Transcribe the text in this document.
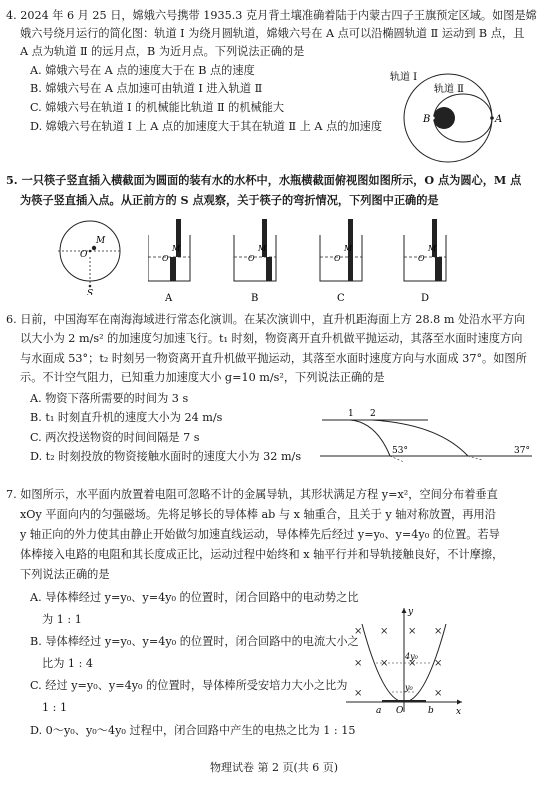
4. 2024 年 6 月 25 日，嫦娥六号携带 1935.3 克月背土壤准确着陆于内蒙古四子王旗预定区域。如图是嫦
娥六号绕月运行的简化图：轨道 Ⅰ 为绕月圆轨道，嫦娥六号在 A 点可以沿椭圆轨道 Ⅱ 运动到 B 点，且
A 点为轨道 Ⅱ 的远月点，B 为近月点。下列说法正确的是
A. 嫦娥六号在 A 点的速度大于在 B 点的速度
B. 嫦娥六号在 A 点加速可由轨道 Ⅰ 进入轨道 Ⅱ
C. 嫦娥六号在轨道 Ⅰ 的机械能比轨道 Ⅱ 的机械能大
D. 嫦娥六号在轨道 Ⅰ 上 A 点的加速度大于其在轨道 Ⅱ 上 A 点的加速度
轨道 Ⅰ
轨道 Ⅱ
A
B
5. 一只筷子竖直插入横截面为圆面的装有水的水杯中，水瓶横截面俯视图如图所示，O 点为圆心，M 点
为筷子竖直插入点。从正前方的 S 点观察，关于筷子的弯折情况，下列图中正确的是
O
M
S
O
M
O
M
O
M
O
M
A	B	C	D
6. 日前，中国海军在南海海域进行常态化演训。在某次演训中，直升机距海面上方 28.8 m 处沿水平方向
以大小为 2 m/s² 的加速度匀加速飞行。t₁ 时刻，物资离开直升机做平抛运动，其落至水面时速度方向
与水面成 53°；t₂ 时刻另一物资离开直升机做平抛运动，其落至水面时速度方向与水面成 37°。如图所
示。不计空气阻力，已知重力加速度大小 g=10 m/s²，下列说法正确的是
A. 物资下落所需要的时间为 3 s
B. t₁ 时刻直升机的速度大小为 24 m/s
C. 两次投送物资的时间间隔是 7 s
D. t₂ 时刻投放的物资接触水面时的速度大小为 32 m/s
1 2
53°	37°
7. 如图所示，水平面内放置着电阻可忽略不计的金属导轨，其形状满足方程 y=x²，空间分布着垂直
xOy 平面向内的匀强磁场。先将足够长的导体棒 ab 与 x 轴重合，且关于 y 轴对称放置，再用沿
y 轴正向的外力使其由静止开始做匀加速直线运动，导体棒先后经过 y=y₀、y=4y₀ 的位置。若导
体棒接入电路的电阻和其长度成正比，运动过程中始终和 x 轴平行并和导轨接触良好，不计摩擦，
下列说法正确的是
A. 导体棒经过 y=y₀、y=4y₀ 的位置时，闭合回路中的电动势之比
为 1 : 1
B. 导体棒经过 y=y₀、y=4y₀ 的位置时，闭合回路中的电流大小之
比为 1 : 4
C. 经过 y=y₀、y=4y₀ 的位置时，导体棒所受安培力大小之比为
1 : 1
D. 0～y₀、y₀～4y₀ 过程中，闭合回路中产生的电热之比为 1 : 15
× × × ×
× × × ×
×	×
y
x
4y₀
y₀
a O	b
物理试卷 第 2 页(共 6 页)
